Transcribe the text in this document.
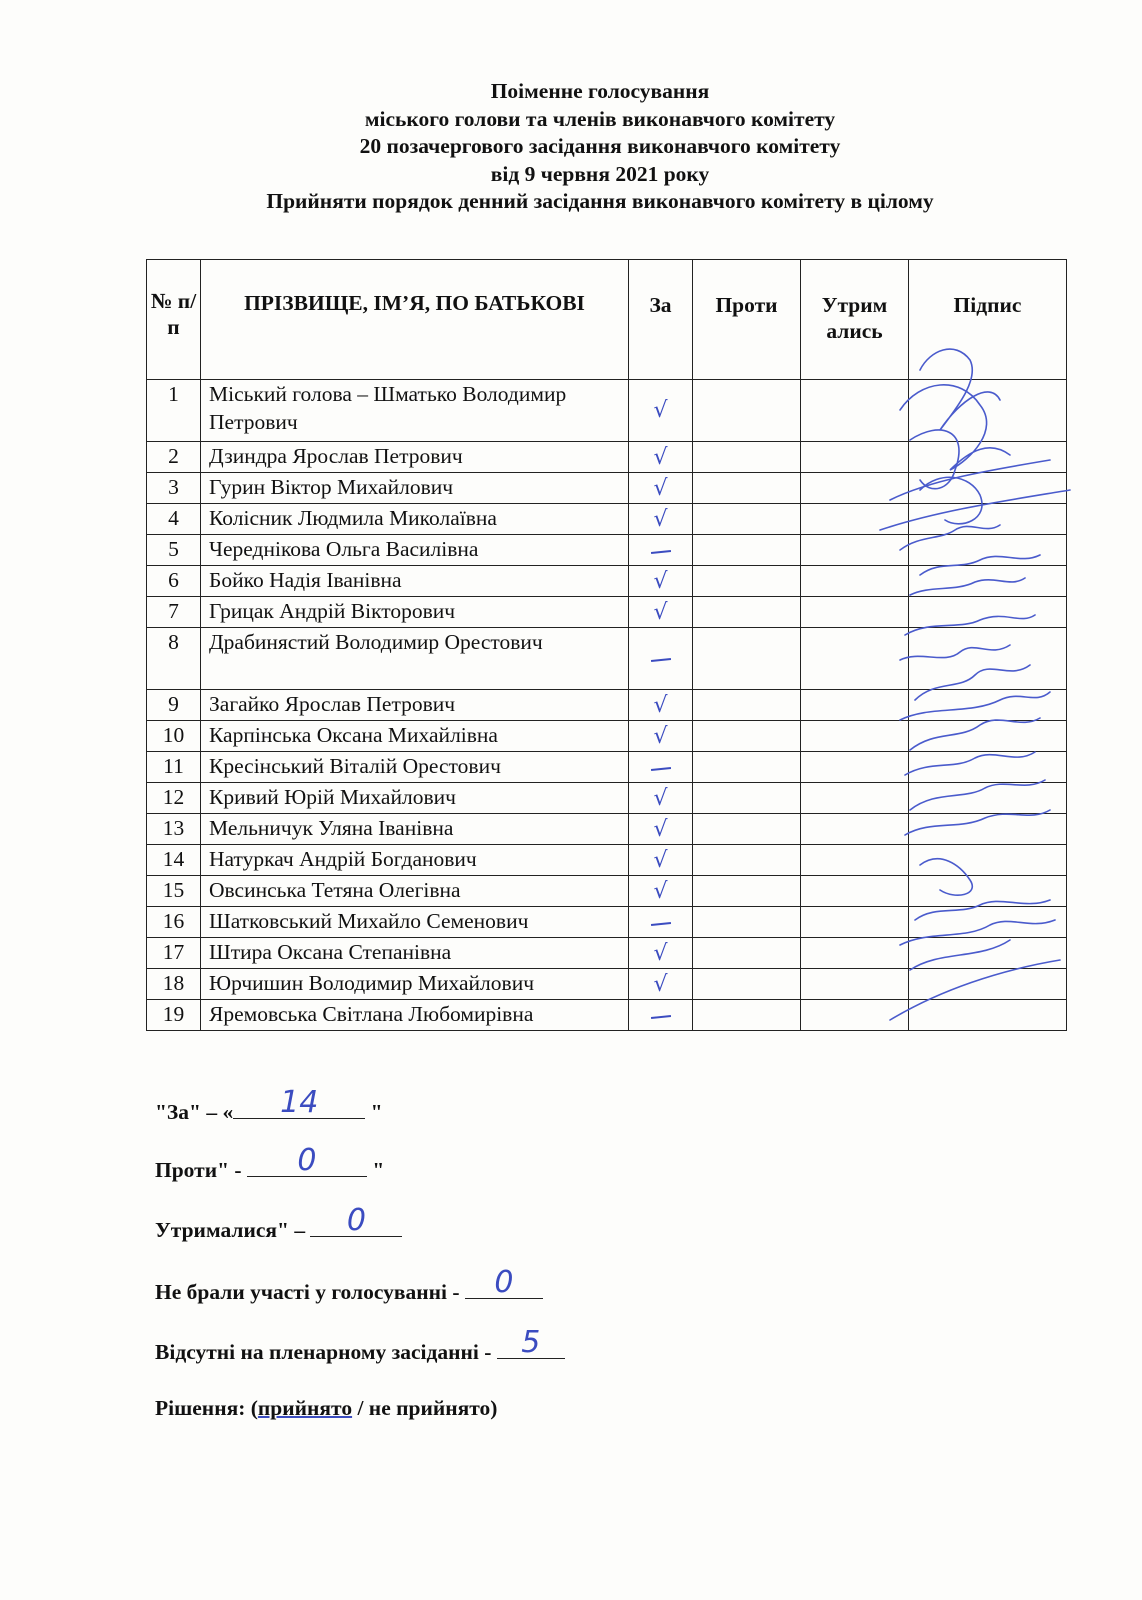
Поіменне голосування
міського голови та членів виконавчого комітету
20 позачергового засідання виконавчого комітету
від 9 червня 2021 року
Прийняти порядок денний засідання виконавчого комітету в цілому
№ п/п	ПРІЗВИЩЕ, ІМ’Я, ПО БАТЬКОВІ	За	Проти	Утрим ались	Підпис
1	Міський голова – Шматько Володимир Петрович	√			
2	Дзиндра Ярослав Петрович	√			
3	Гурин Віктор Михайлович	√			
4	Колісник Людмила Миколаївна	√			
5	Череднікова Ольга Василівна				
6	Бойко Надія Іванівна	√			
7	Грицак Андрій Вікторович	√			
8	Драбинястий Володимир Орестович				
9	Загайко Ярослав Петрович	√			
10	Карпінська Оксана Михайлівна	√			
11	Кресінський Віталій Орестович				
12	Кривий Юрій Михайлович	√			
13	Мельничук Уляна Іванівна	√			
14	Натуркач Андрій Богданович	√			
15	Овсинська Тетяна Олегівна	√			
16	Шатковський Михайло Семенович				
17	Штира Оксана Степанівна	√			
18	Юрчишин Володимир Михайлович	√			
19	Яремовська Світлана Любомирівна				
"За" – «	14	"
Проти" -	0	"
Утрималися" –	0
Не брали участі у голосуванні - 0
Відсутні на пленарному засіданні - 5
Рішення: (прийнято / не прийнято)
